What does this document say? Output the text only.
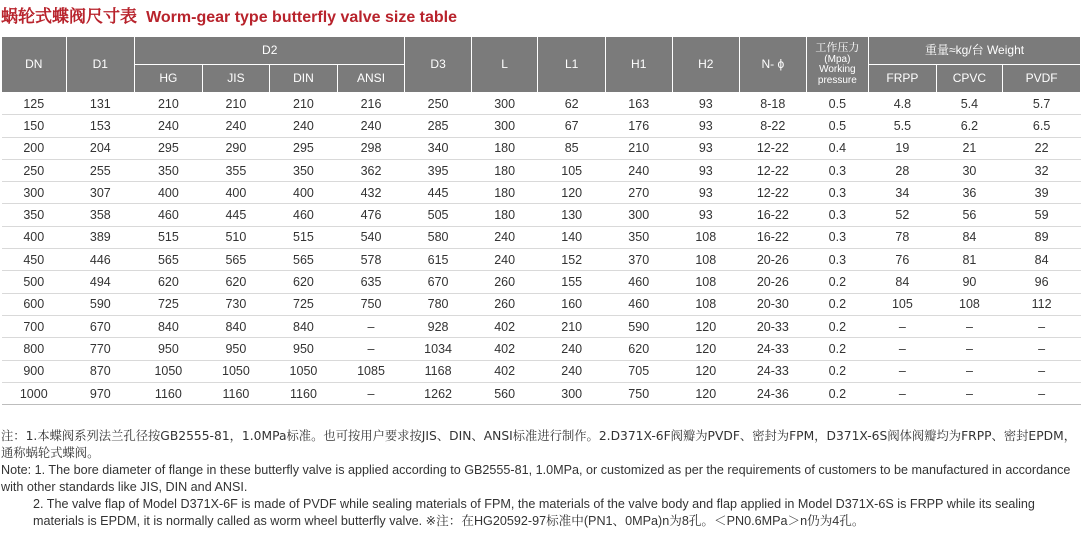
蜗轮式蝶阀尺寸表 Worm-gear type butterfly valve size table
DN	D1	D2				D3	L	L1	H1	H2	N- ϕ	工作压力
(Mpa)
Working pressure	重量≈kg/台 Weight		
		HG	JIS	DIN	ANSI								FRPP	CPVC	PVDF
125	131	210	210	210	216	250	300	62	163	93	8-18	0.5	4.8	5.4	5.7
150	153	240	240	240	240	285	300	67	176	93	8-22	0.5	5.5	6.2	6.5
200	204	295	290	295	298	340	180	85	210	93	12-22	0.4	19	21	22
250	255	350	355	350	362	395	180	105	240	93	12-22	0.3	28	30	32
300	307	400	400	400	432	445	180	120	270	93	12-22	0.3	34	36	39
350	358	460	445	460	476	505	180	130	300	93	16-22	0.3	52	56	59
400	389	515	510	515	540	580	240	140	350	108	16-22	0.3	78	84	89
450	446	565	565	565	578	615	240	152	370	108	20-26	0.3	76	81	84
500	494	620	620	620	635	670	260	155	460	108	20-26	0.2	84	90	96
600	590	725	730	725	750	780	260	160	460	108	20-30	0.2	105	108	112
700	670	840	840	840	–	928	402	210	590	120	20-33	0.2	–	–	–
800	770	950	950	950	–	1034	402	240	620	120	24-33	0.2	–	–	–
900	870	1050	1050	1050	1085	1168	402	240	705	120	24-33	0.2	–	–	–
1000	970	1160	1160	1160	–	1262	560	300	750	120	24-36	0.2	–	–	–

注：1.本蝶阀系列法兰孔径按GB2555-81，1.0MPa标准。也可按用户要求按JIS、DIN、ANSI标准进行制作。2.D371X-6F阀瓣为PVDF、密封为FPM，D371X-6S阀体阀瓣均为FRPP、密封EPDM，通称蜗轮式蝶阀。

Note: 1. The bore diameter of flange in these butterfly valve is applied according to GB2555-81, 1.0MPa, or customized as per the requirements of customers to be manufactured in accordance with other standards like JIS, DIN and ANSI.

2. The valve flap of Model D371X-6F is made of PVDF while sealing materials of FPM, the materials of the valve body and flap applied in Model D371X-6S is FRPP while its sealing materials is EPDM, it is normally called as worm wheel butterfly valve. ※注：在HG20592-97标准中(PN1、0MPa)n为8孔。＜PN0.6MPa＞n仍为4孔。
